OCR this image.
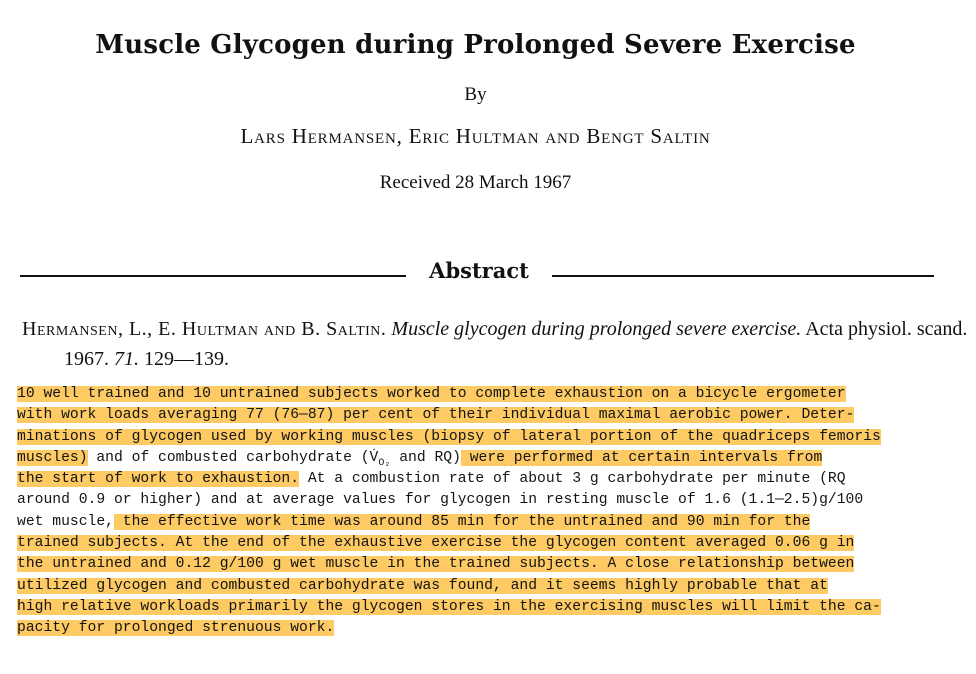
Muscle Glycogen during Prolonged Severe Exercise
By
Lars Hermansen, Eric Hultman and Bengt Saltin
Received 28 March 1967
Abstract
Hermansen, L., E. Hultman and B. Saltin. Muscle glycogen during prolonged severe exercise. Acta physiol. scand. 1967. 71. 129—139.
10 well trained and 10 untrained subjects worked to complete exhaustion on a bicycle ergometer
with work loads averaging 77 (76—87) per cent of their individual maximal aerobic power. Deter-
minations of glycogen used by working muscles (biopsy of lateral portion of the quadriceps femoris
muscles) and of combusted carbohydrate ($V̇_{O_2}$ and RQ) were performed at certain intervals from
the start of work to exhaustion. At a combustion rate of about 3 g carbohydrate per minute (RQ
around 0.9 or higher) and at average values for glycogen in resting muscle of 1.6 (1.1—2.5)g/100
wet muscle, the effective work time was around 85 min for the untrained and 90 min for the
trained subjects. At the end of the exhaustive exercise the glycogen content averaged 0.06 g in
the untrained and 0.12 g/100 g wet muscle in the trained subjects. A close relationship between
utilized glycogen and combusted carbohydrate was found, and it seems highly probable that at
high relative workloads primarily the glycogen stores in the exercising muscles will limit the ca-
pacity for prolonged strenuous work.
